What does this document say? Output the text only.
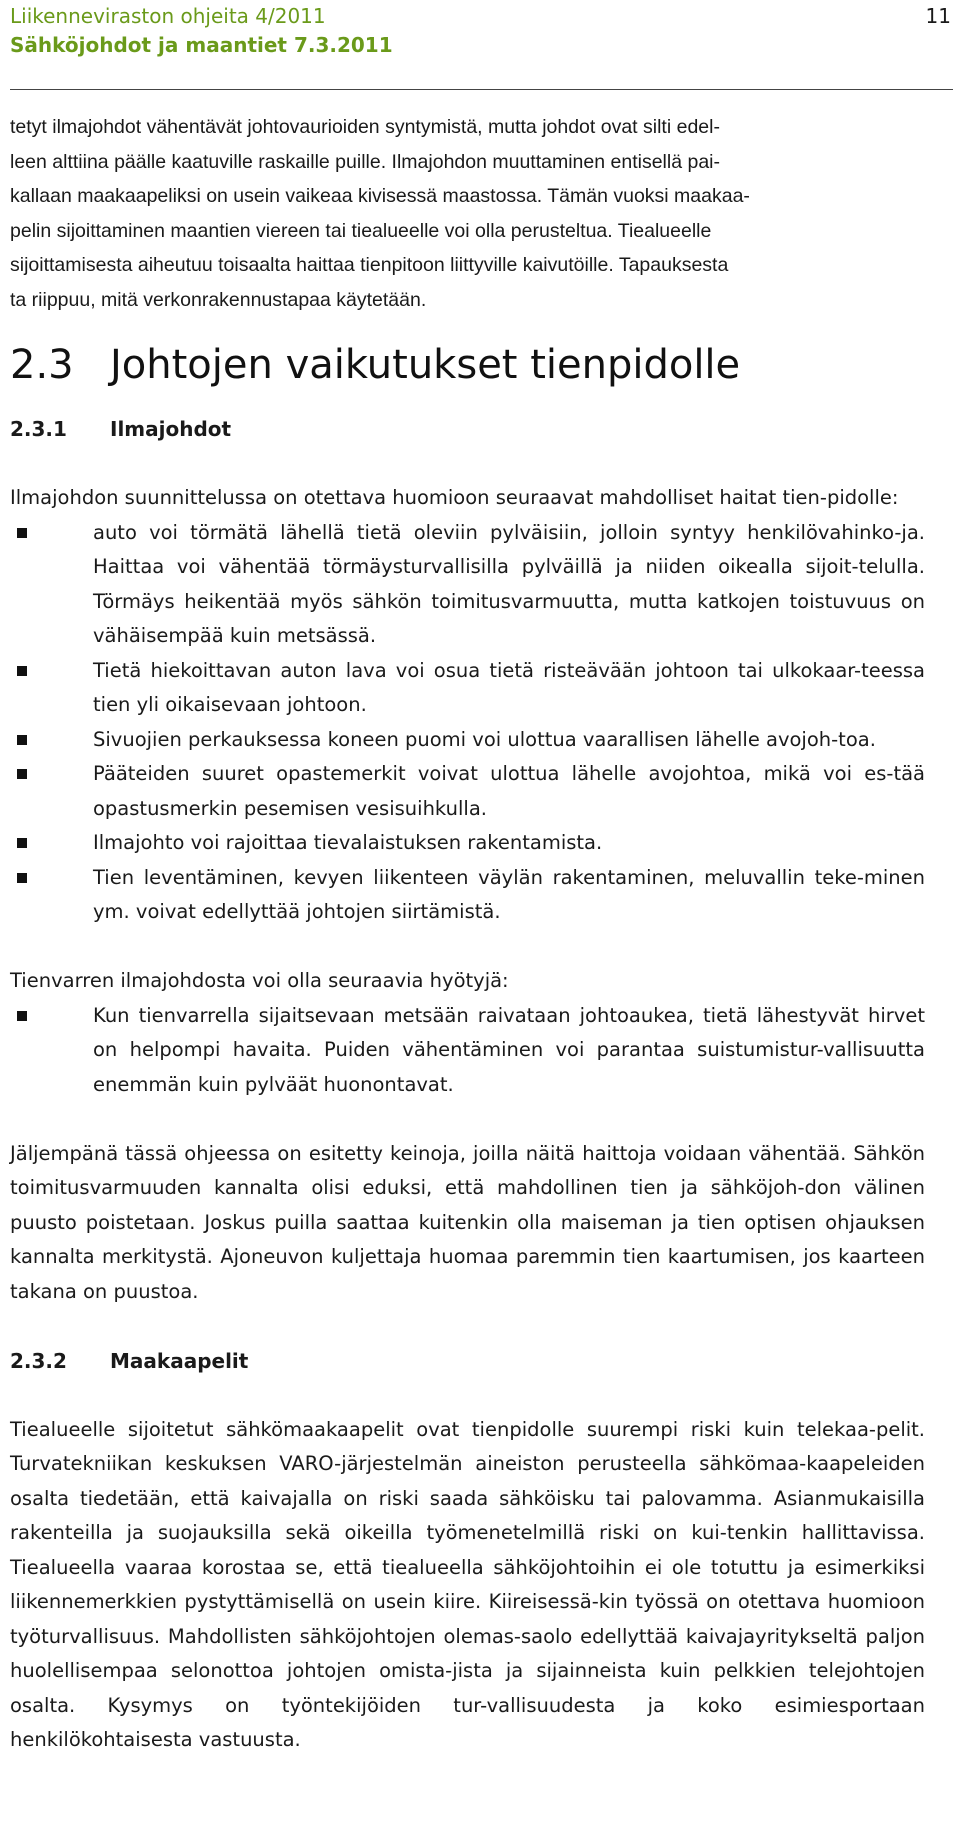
Liikenneviraston ohjeita 4/2011
Sähköjohdot ja maantiet 7.3.2011
11
tetyt ilmajohdot vähentävät johtovaurioiden syntymistä, mutta johdot ovat silti edel-
leen alttiina päälle kaatuville raskaille puille. Ilmajohdon muuttaminen entisellä pai-
kallaan maakaapeliksi on usein vaikeaa kivisessä maastossa. Tämän vuoksi maakaa-
pelin sijoittaminen maantien viereen tai tiealueelle voi olla perusteltua. Tiealueelle
sijoittamisesta aiheutuu toisaalta haittaa tienpitoon liittyville kaivutöille. Tapauksesta
ta riippuu, mitä verkonrakennustapaa käytetään.
2.3 Johtojen vaikutukset tienpidolle
2.3.1	Ilmajohdot

Ilmajohdon suunnittelussa on otettava huomioon seuraavat mahdolliset haitat tien-pidolle:

auto voi törmätä lähellä tietä oleviin pylväisiin, jolloin syntyy henkilövahinko-ja. Haittaa voi vähentää törmäysturvallisilla pylväillä ja niiden oikealla sijoit-telulla. Törmäys heikentää myös sähkön toimitusvarmuutta, mutta katkojen toistuvuus on vähäisempää kuin metsässä.
Tietä hiekoittavan auton lava voi osua tietä risteävään johtoon tai ulkokaar-teessa tien yli oikaisevaan johtoon.
Sivuojien perkauksessa koneen puomi voi ulottua vaarallisen lähelle avojoh-toa.
Pääteiden suuret opastemerkit voivat ulottua lähelle avojohtoa, mikä voi es-tää opastusmerkin pesemisen vesisuihkulla.
Ilmajohto voi rajoittaa tievalaistuksen rakentamista.
Tien leventäminen, kevyen liikenteen väylän rakentaminen, meluvallin teke-minen ym. voivat edellyttää johtojen siirtämistä.

Tienvarren ilmajohdosta voi olla seuraavia hyötyjä:

Kun tienvarrella sijaitsevaan metsään raivataan johtoaukea, tietä lähestyvät hirvet on helpompi havaita. Puiden vähentäminen voi parantaa suistumistur-vallisuutta enemmän kuin pylväät huonontavat.

Jäljempänä tässä ohjeessa on esitetty keinoja, joilla näitä haittoja voidaan vähentää. Sähkön toimitusvarmuuden kannalta olisi eduksi, että mahdollinen tien ja sähköjoh-don välinen puusto poistetaan. Joskus puilla saattaa kuitenkin olla maiseman ja tien optisen ohjauksen kannalta merkitystä. Ajoneuvon kuljettaja huomaa paremmin tien kaartumisen, jos kaarteen takana on puustoa.

2.3.2	Maakaapelit

Tiealueelle sijoitetut sähkömaakaapelit ovat tienpidolle suurempi riski kuin telekaa-pelit. Turvatekniikan keskuksen VARO-järjestelmän aineiston perusteella sähkömaa-kaapeleiden osalta tiedetään, että kaivajalla on riski saada sähköisku tai palovamma. Asianmukaisilla rakenteilla ja suojauksilla sekä oikeilla työmenetelmillä riski on kui-tenkin hallittavissa. Tiealueella vaaraa korostaa se, että tiealueella sähköjohtoihin ei ole totuttu ja esimerkiksi liikennemerkkien pystyttämisellä on usein kiire. Kiireisessä-kin työssä on otettava huomioon työturvallisuus. Mahdollisten sähköjohtojen olemas-saolo edellyttää kaivajayritykseltä paljon huolellisempaa selonottoa johtojen omista-jista ja sijainneista kuin pelkkien telejohtojen osalta. Kysymys on työntekijöiden tur-vallisuudesta ja koko esimiesportaan henkilökohtaisesta vastuusta.
